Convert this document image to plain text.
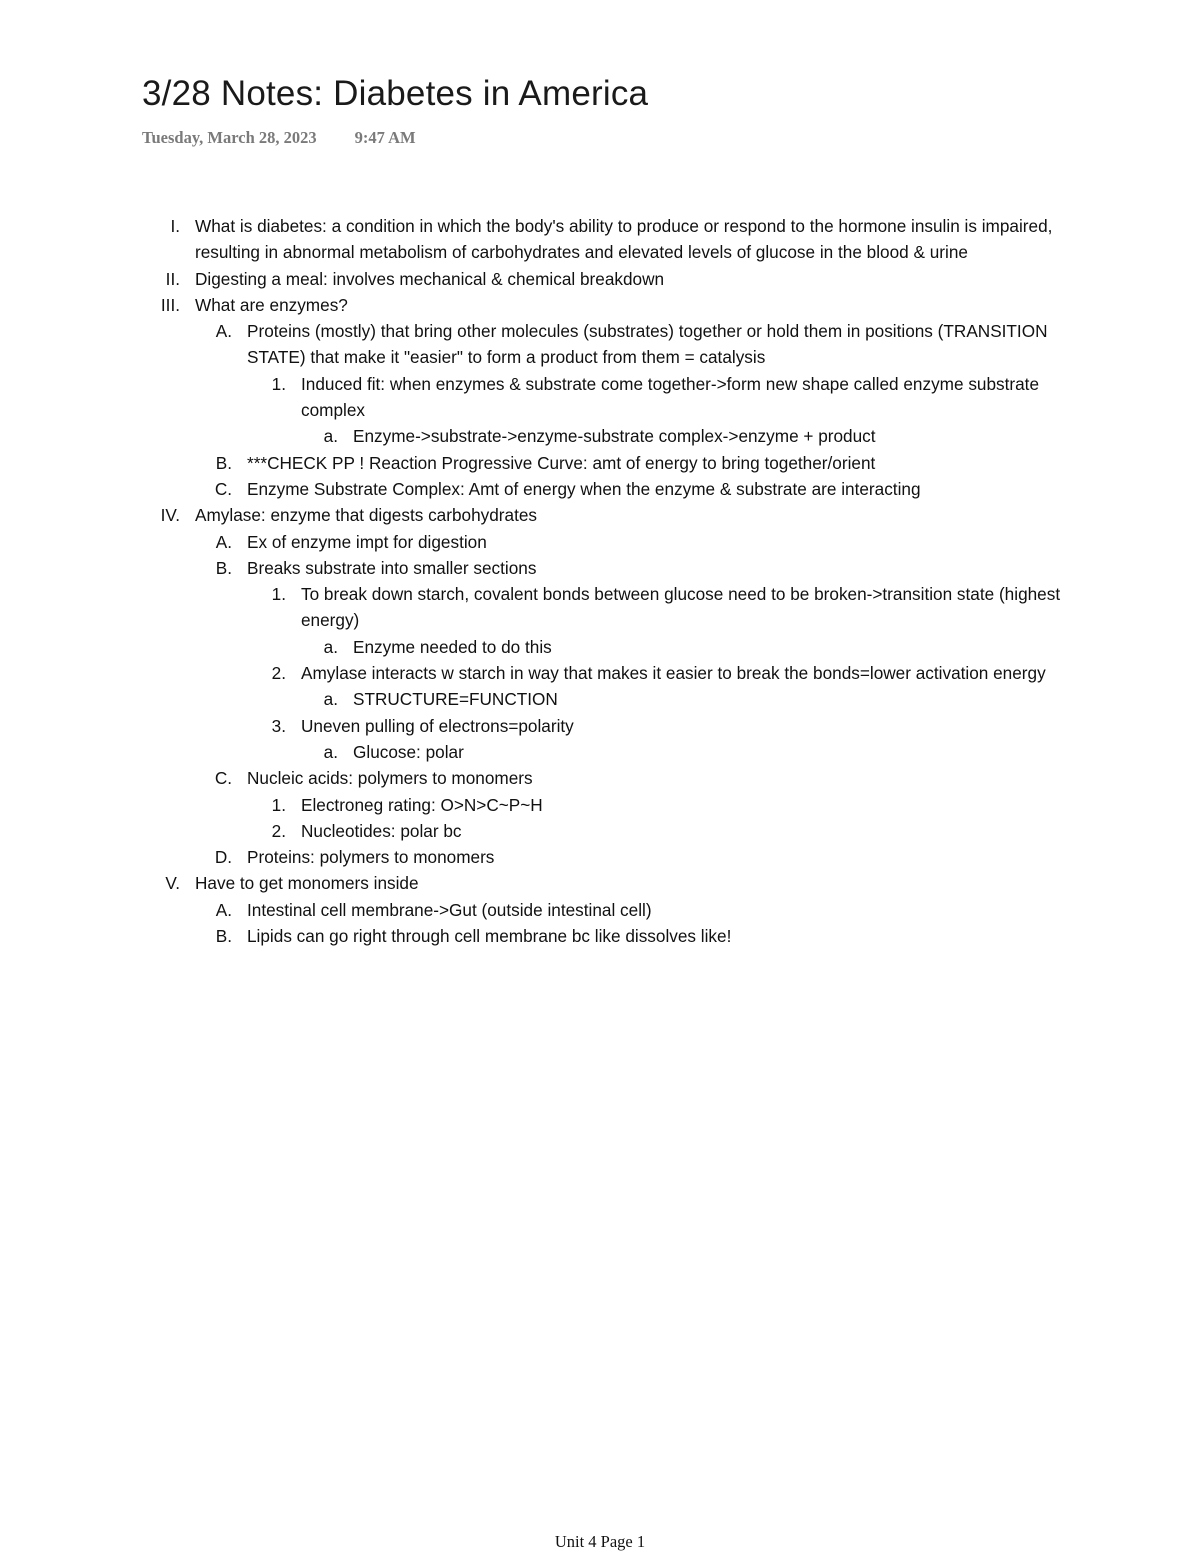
3/28 Notes: Diabetes in America
Tuesday, March 28, 2023 9:47 AM
I. What is diabetes: a condition in which the body's ability to produce or respond to the hormone insulin is impaired, resulting in abnormal metabolism of carbohydrates and elevated levels of glucose in the blood & urine
II. Digesting a meal: involves mechanical & chemical breakdown
III. What are enzymes?
A. Proteins (mostly) that bring other molecules (substrates) together or hold them in positions (TRANSITION STATE) that make it "easier" to form a product from them = catalysis
1. Induced fit: when enzymes & substrate come together->form new shape called enzyme substrate complex
a. Enzyme->substrate->enzyme-substrate complex->enzyme + product
B. ***CHECK PP ! Reaction Progressive Curve: amt of energy to bring together/orient
C. Enzyme Substrate Complex: Amt of energy when the enzyme & substrate are interacting
IV. Amylase: enzyme that digests carbohydrates
A. Ex of enzyme impt for digestion
B. Breaks substrate into smaller sections
1. To break down starch, covalent bonds between glucose need to be broken->transition state (highest energy)
a. Enzyme needed to do this
2. Amylase interacts w starch in way that makes it easier to break the bonds=lower activation energy
a. STRUCTURE=FUNCTION
3. Uneven pulling of electrons=polarity
a. Glucose: polar
C. Nucleic acids: polymers to monomers
1. Electroneg rating: O>N>C~P~H
2. Nucleotides: polar bc
D. Proteins: polymers to monomers
V. Have to get monomers inside
A. Intestinal cell membrane->Gut (outside intestinal cell)
B. Lipids can go right through cell membrane bc like dissolves like!
Unit 4 Page 1
